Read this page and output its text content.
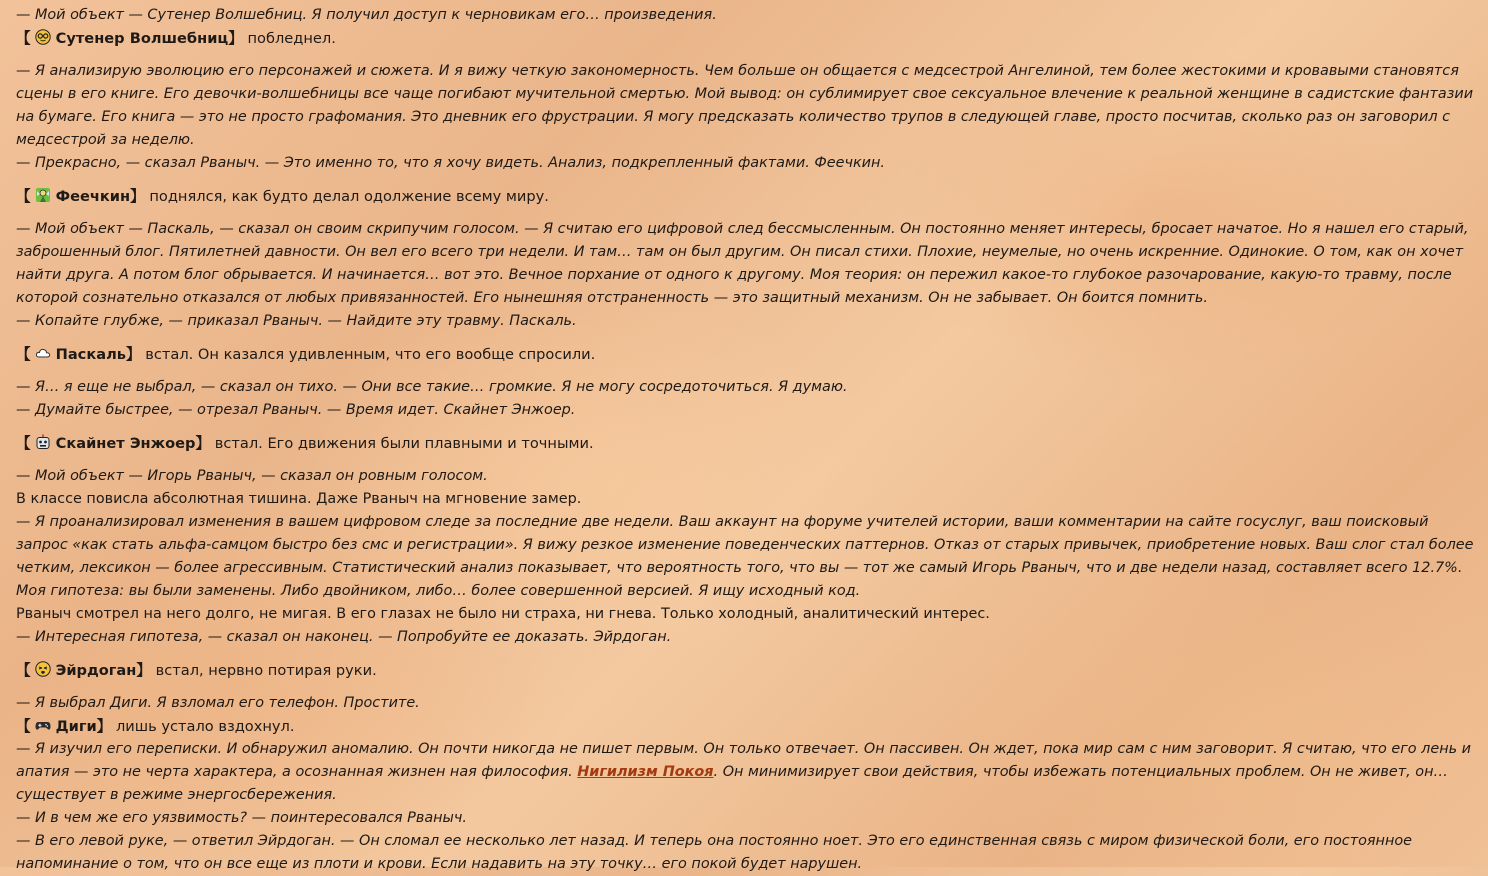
— Мой объект — Сутенер Волшебниц. Я получил доступ к черновикам его… произведения.

【 Сутенер Волшебниц】 побледнел.

— Я анализирую эволюцию его персонажей и сюжета. И я вижу четкую закономерность. Чем больше он общается с медсестрой Ангелиной, тем более жестокими и кровавыми становятся сцены в его книге. Его девочки-волшебницы все чаще погибают мучительной смертью. Мой вывод: он сублимирует свое сексуальное влечение к реальной женщине в садистские фантазии на бумаге. Его книга — это не просто графомания. Это дневник его фрустрации. Я могу предсказать количество трупов в следующей главе, просто посчитав, сколько раз он заговорил с медсестрой за неделю.
— Прекрасно, — сказал Рваныч. — Это именно то, что я хочу видеть. Анализ, подкрепленный фактами. Феечкин.

【 Феечкин】 поднялся, как будто делал одолжение всему миру.

— Мой объект — Паскаль, — сказал он своим скрипучим голосом. — Я считаю его цифровой след бессмысленным. Он постоянно меняет интересы, бросает начатое. Но я нашел его старый, заброшенный блог. Пятилетней давности. Он вел его всего три недели. И там… там он был другим. Он писал стихи. Плохие, неумелые, но очень искренние. Одинокие. О том, как он хочет найти друга. А потом блог обрывается. И начинается… вот это. Вечное порхание от одного к другому. Моя теория: он пережил какое-то глубокое разочарование, какую-то травму, после которой сознательно отказался от любых привязанностей. Его нынешняя отстраненность — это защитный механизм. Он не забывает. Он боится помнить.
— Копайте глубже, — приказал Рваныч. — Найдите эту травму. Паскаль.

【 Паскаль】 встал. Он казался удивленным, что его вообще спросили.

— Я… я еще не выбрал, — сказал он тихо. — Они все такие… громкие. Я не могу сосредоточиться. Я думаю.
— Думайте быстрее, — отрезал Рваныч. — Время идет. Скайнет Энжоер.

【 Скайнет Энжоер】 встал. Его движения были плавными и точными.

— Мой объект — Игорь Рваныч, — сказал он ровным голосом.
В классе повисла абсолютная тишина. Даже Рваныч на мгновение замер.
— Я проанализировал изменения в вашем цифровом следе за последние две недели. Ваш аккаунт на форуме учителей истории, ваши комментарии на сайте госуслуг, ваш поисковый запрос «как стать альфа-самцом быстро без смс и регистрации». Я вижу резкое изменение поведенческих паттернов. Отказ от старых привычек, приобретение новых. Ваш слог стал более четким, лексикон — более агрессивным. Статистический анализ показывает, что вероятность того, что вы — тот же самый Игорь Рваныч, что и две недели назад, составляет всего 12.7%. Моя гипотеза: вы были заменены. Либо двойником, либо… более совершенной версией. Я ищу исходный код.
Рваныч смотрел на него долго, не мигая. В его глазах не было ни страха, ни гнева. Только холодный, аналитический интерес.
— Интересная гипотеза, — сказал он наконец. — Попробуйте ее доказать. Эйрдоган.

【 Эйрдоган】 встал, нервно потирая руки.

— Я выбрал Диги. Я взломал его телефон. Простите.

【 Диги】 лишь устало вздохнул.

— Я изучил его переписки. И обнаружил аномалию. Он почти никогда не пишет первым. Он только отвечает. Он пассивен. Он ждет, пока мир сам с ним заговорит. Я считаю, что его лень и апатия — это не черта характера, а осознанная жизнен ная философия. Нигилизм Покоя. Он минимизирует свои действия, чтобы избежать потенциальных проблем. Он не живет, он… существует в режиме энергосбережения.
— И в чем же его уязвимость? — поинтересовался Рваныч.
— В его левой руке, — ответил Эйрдоган. — Он сломал ее несколько лет назад. И теперь она постоянно ноет. Это его единственная связь с миром физической боли, его постоянное напоминание о том, что он все еще из плоти и крови. Если надавить на эту точку… его покой будет нарушен.
